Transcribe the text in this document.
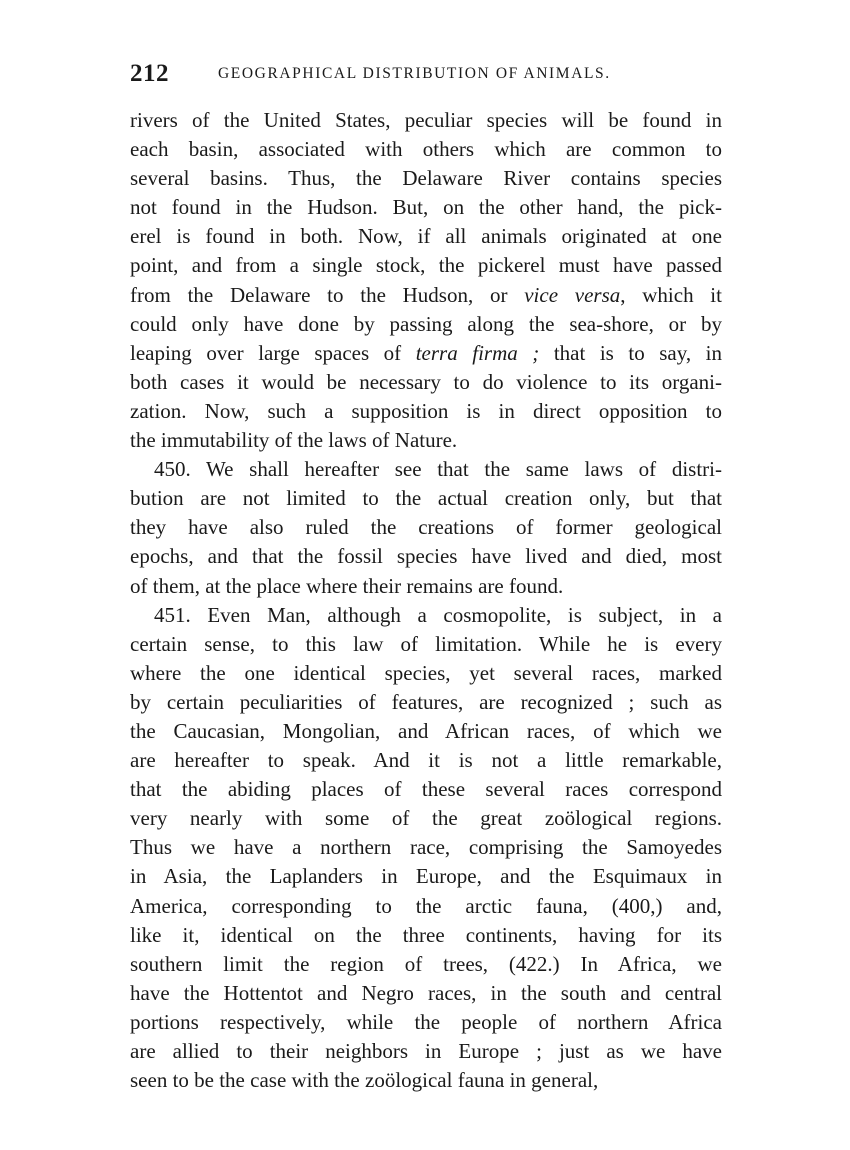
212	GEOGRAPHICAL DISTRIBUTION OF ANIMALS.
rivers of the United States, peculiar species will be found in
each basin, associated with others which are common to
several basins. Thus, the Delaware River contains species
not found in the Hudson. But, on the other hand, the pick-
erel is found in both. Now, if all animals originated at one
point, and from a single stock, the pickerel must have passed
from the Delaware to the Hudson, or vice versa, which it
could only have done by passing along the sea-shore, or by
leaping over large spaces of terra firma ; that is to say, in
both cases it would be necessary to do violence to its organi-
zation. Now, such a supposition is in direct opposition to
the immutability of the laws of Nature.
450. We shall hereafter see that the same laws of distri-
bution are not limited to the actual creation only, but that
they have also ruled the creations of former geological
epochs, and that the fossil species have lived and died, most
of them, at the place where their remains are found.
451. Even Man, although a cosmopolite, is subject, in a
certain sense, to this law of limitation. While he is every
where the one identical species, yet several races, marked
by certain peculiarities of features, are recognized ; such as
the Caucasian, Mongolian, and African races, of which we
are hereafter to speak. And it is not a little remarkable,
that the abiding places of these several races correspond
very nearly with some of the great zoölogical regions.
Thus we have a northern race, comprising the Samoyedes
in Asia, the Laplanders in Europe, and the Esquimaux in
America, corresponding to the arctic fauna, (400,) and,
like it, identical on the three continents, having for its
southern limit the region of trees, (422.) In Africa, we
have the Hottentot and Negro races, in the south and central
portions respectively, while the people of northern Africa
are allied to their neighbors in Europe ; just as we have
seen to be the case with the zoölogical fauna in general,
